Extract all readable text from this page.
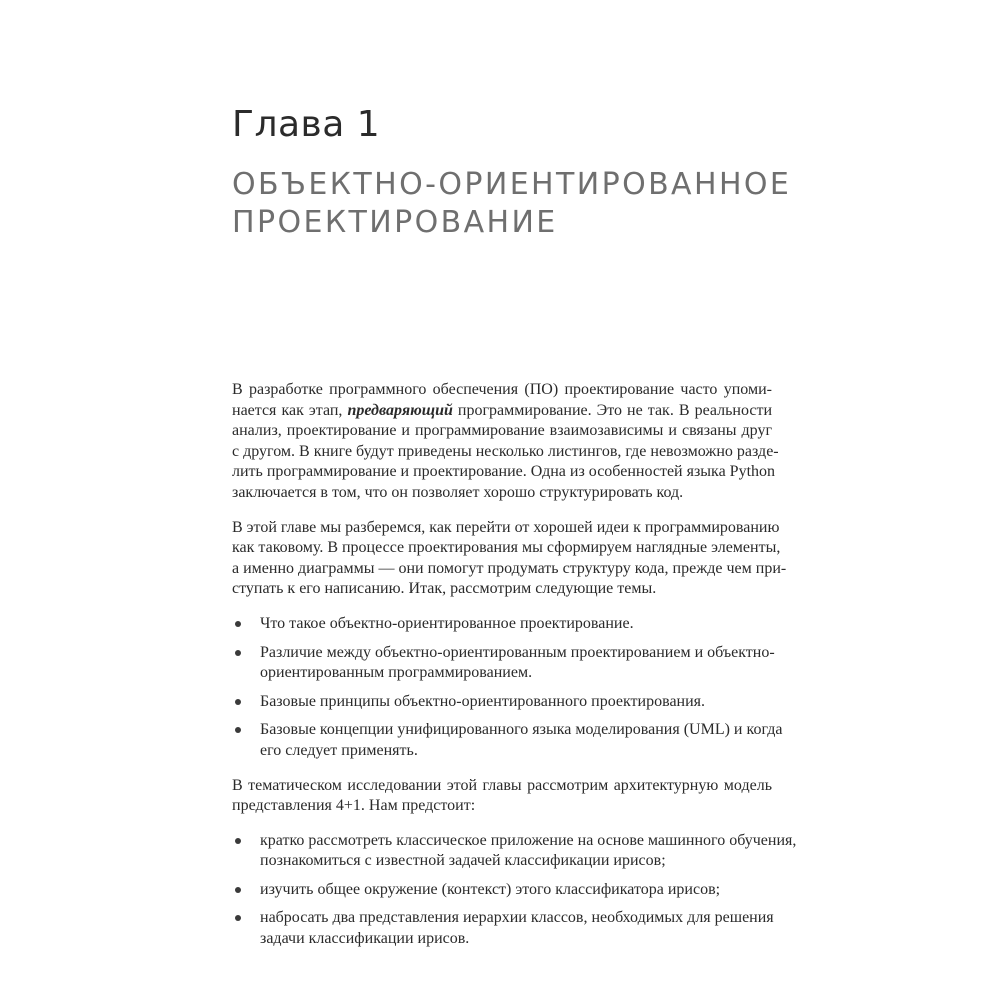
Глава 1
ОБЪЕКТНО-ОРИЕНТИРОВАННОЕ
ПРОЕКТИРОВАНИЕ

В разработке программного обеспечения (ПО) проектирование часто упоми-
нается как этап, предваряющий программирование. Это не так. В реальности
анализ, проектирование и программирование взаимозависимы и связаны друг
с другом. В книге будут приведены несколько листингов, где невозможно разде-
лить программирование и проектирование. Одна из особенностей языка Python
заключается в том, что он позволяет хорошо структурировать код.

В этой главе мы разберемся, как перейти от хорошей идеи к программированию
как таковому. В процессе проектирования мы сформируем наглядные элементы,
а именно диаграммы — они помогут продумать структуру кода, прежде чем при-
ступать к его написанию. Итак, рассмотрим следующие темы.

Что такое объектно-ориентированное проектирование.
Различие между объектно-ориентированным проектированием и объектно-
ориентированным программированием.
Базовые принципы объектно-ориентированного проектирования.
Базовые концепции унифицированного языка моделирования (UML) и когда
его следует применять.

В тематическом исследовании этой главы рассмотрим архитектурную модель
представления 4+1. Нам предстоит:

кратко рассмотреть классическое приложение на основе машинного обучения,
познакомиться с известной задачей классификации ирисов;
изучить общее окружение (контекст) этого классификатора ирисов;
набросать два представления иерархии классов, необходимых для решения
задачи классификации ирисов.
